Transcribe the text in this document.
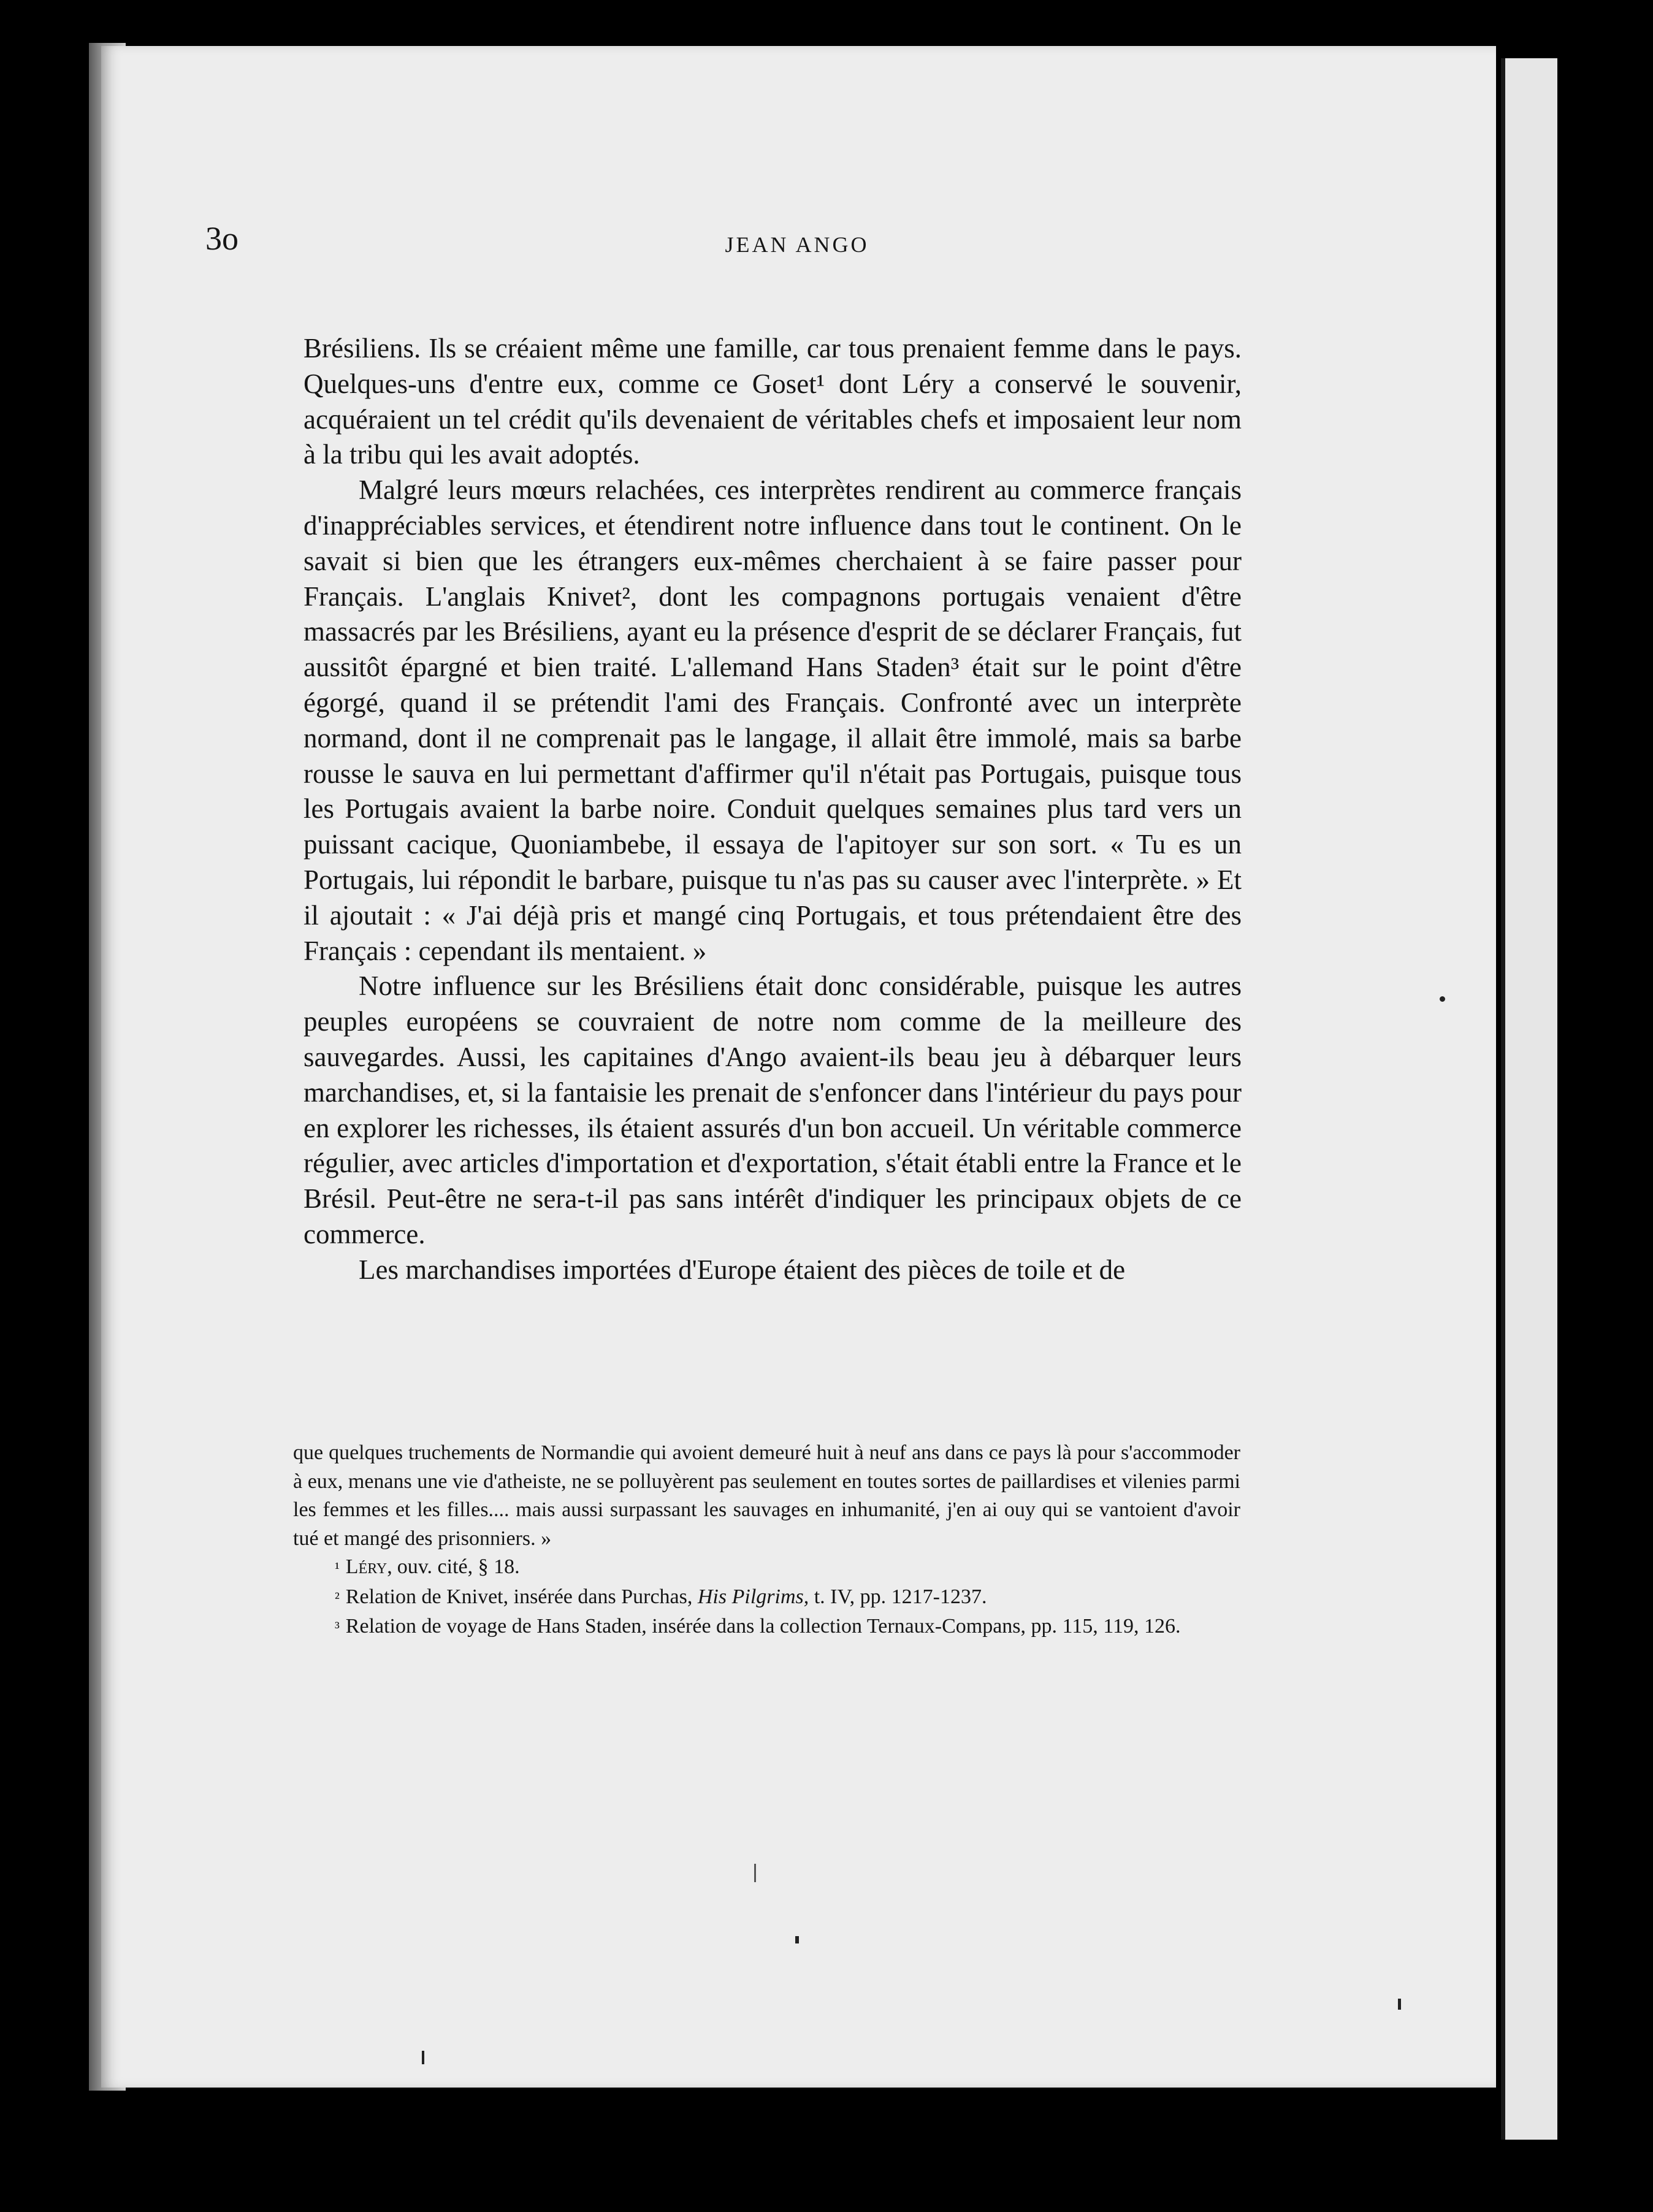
3o	JEAN ANGO

Brésiliens. Ils se créaient même une famille, car tous prenaient femme dans le pays. Quelques-uns d'entre eux, comme ce Goset¹ dont Léry a conservé le souvenir, acquéraient un tel crédit qu'ils devenaient de véritables chefs et imposaient leur nom à la tribu qui les avait adoptés.

Malgré leurs mœurs relachées, ces interprètes rendirent au commerce français d'inappréciables services, et étendirent notre influence dans tout le continent. On le savait si bien que les étrangers eux-mêmes cherchaient à se faire passer pour Français. L'anglais Knivet², dont les compagnons portugais venaient d'être massacrés par les Brésiliens, ayant eu la présence d'esprit de se déclarer Français, fut aussitôt épargné et bien traité. L'allemand Hans Staden³ était sur le point d'être égorgé, quand il se prétendit l'ami des Français. Confronté avec un interprète normand, dont il ne comprenait pas le langage, il allait être immolé, mais sa barbe rousse le sauva en lui permettant d'affirmer qu'il n'était pas Portugais, puisque tous les Portugais avaient la barbe noire. Conduit quelques semaines plus tard vers un puissant cacique, Quoniambebe, il essaya de l'apitoyer sur son sort. « Tu es un Portugais, lui répondit le barbare, puisque tu n'as pas su causer avec l'interprète. » Et il ajoutait : « J'ai déjà pris et mangé cinq Portugais, et tous prétendaient être des Français : cependant ils mentaient. »

Notre influence sur les Brésiliens était donc considérable, puisque les autres peuples européens se couvraient de notre nom comme de la meilleure des sauvegardes. Aussi, les capitaines d'Ango avaient-ils beau jeu à débarquer leurs marchandises, et, si la fantaisie les prenait de s'enfoncer dans l'intérieur du pays pour en explorer les richesses, ils étaient assurés d'un bon accueil. Un véritable commerce régulier, avec articles d'importation et d'exportation, s'était établi entre la France et le Brésil. Peut-être ne sera-t-il pas sans intérêt d'indiquer les principaux objets de ce commerce.

Les marchandises importées d'Europe étaient des pièces de toile et de

que quelques truchements de Normandie qui avoient demeuré huit à neuf ans dans ce pays là pour s'accommoder à eux, menans une vie d'atheiste, ne se polluyèrent pas seulement en toutes sortes de paillardises et vilenies parmi les femmes et les filles.... mais aussi surpassant les sauvages en inhumanité, j'en ai ouy qui se vantoient d'avoir tué et mangé des prisonniers. »

¹ Léry, ouv. cité, § 18.

² Relation de Knivet, insérée dans Purchas, His Pilgrims, t. IV, pp. 1217-1237.

³ Relation de voyage de Hans Staden, insérée dans la collection Ternaux-Compans, pp. 115, 119, 126.
